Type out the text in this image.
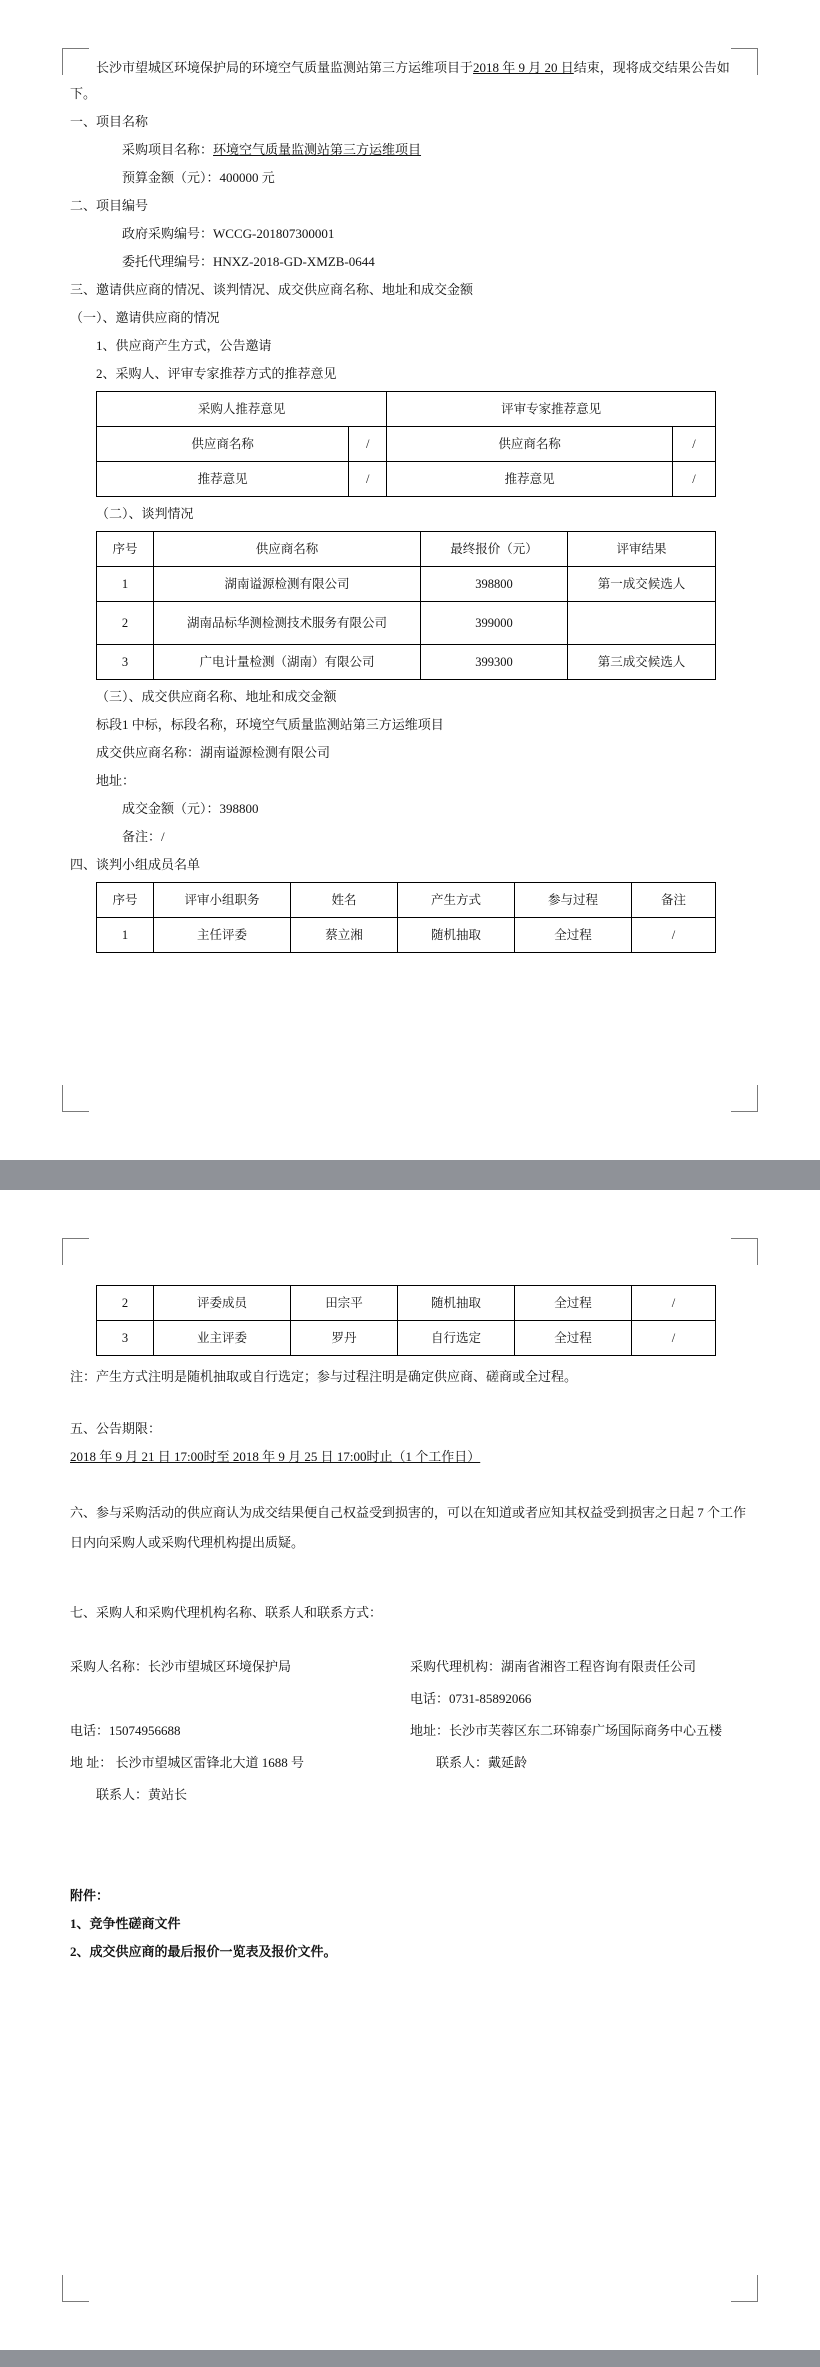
长沙市望城区环境保护局的环境空气质量监测站第三方运维项目于2018 年 9 月 20 日结束，现将成交结果公告如下。
一、项目名称
采购项目名称：环境空气质量监测站第三方运维项目
预算金额（元）：400000 元
二、项目编号
政府采购编号：WCCG-201807300001
委托代理编号：HNXZ-2018-GD-XMZB-0644
三、邀请供应商的情况、谈判情况、成交供应商名称、地址和成交金额
（一）、邀请供应商的情况
1、供应商产生方式，公告邀请
2、采购人、评审专家推荐方式的推荐意见
采购人推荐意见		评审专家推荐意见	
供应商名称	/	供应商名称	/
推荐意见	/	推荐意见	/
（二）、谈判情况
序号	供应商名称	最终报价（元）	评审结果
1	湖南谥源检测有限公司	398800	第一成交候选人
2	湖南品标华测检测技术服务有限公司	399000	
3	广电计量检测（湖南）有限公司	399300	第三成交候选人
（三）、成交供应商名称、地址和成交金额
标段1 中标，标段名称，环境空气质量监测站第三方运维项目
成交供应商名称：湖南谥源检测有限公司
地址：
成交金额（元）：398800
备注：/
四、谈判小组成员名单
序号	评审小组职务	姓名	产生方式	参与过程	备注
1	主任评委	蔡立湘	随机抽取	全过程	/
2	评委成员	田宗平	随机抽取	全过程	/
3	业主评委	罗丹	自行选定	全过程	/
注：产生方式注明是随机抽取或自行选定；参与过程注明是确定供应商、磋商或全过程。
五、公告期限：
2018 年 9 月 21 日 17:00时至 2018 年 9 月 25 日 17:00时止（1 个工作日）
六、参与采购活动的供应商认为成交结果便自己权益受到损害的，可以在知道或者应知其权益受到损害之日起 7 个工作日内向采购人或采购代理机构提出质疑。
七、采购人和采购代理机构名称、联系人和联系方式：
采购人名称：长沙市望城区环境保护局
电话：15074956688
地 址： 长沙市望城区雷锋北大道 1688 号
联系人：黄站长
采购代理机构：湖南省湘咨工程咨询有限责任公司
电话：0731-85892066
地址：长沙市芙蓉区东二环锦泰广场国际商务中心五楼
联系人：戴延龄
附件：
1、竞争性磋商文件
2、成交供应商的最后报价一览表及报价文件。
